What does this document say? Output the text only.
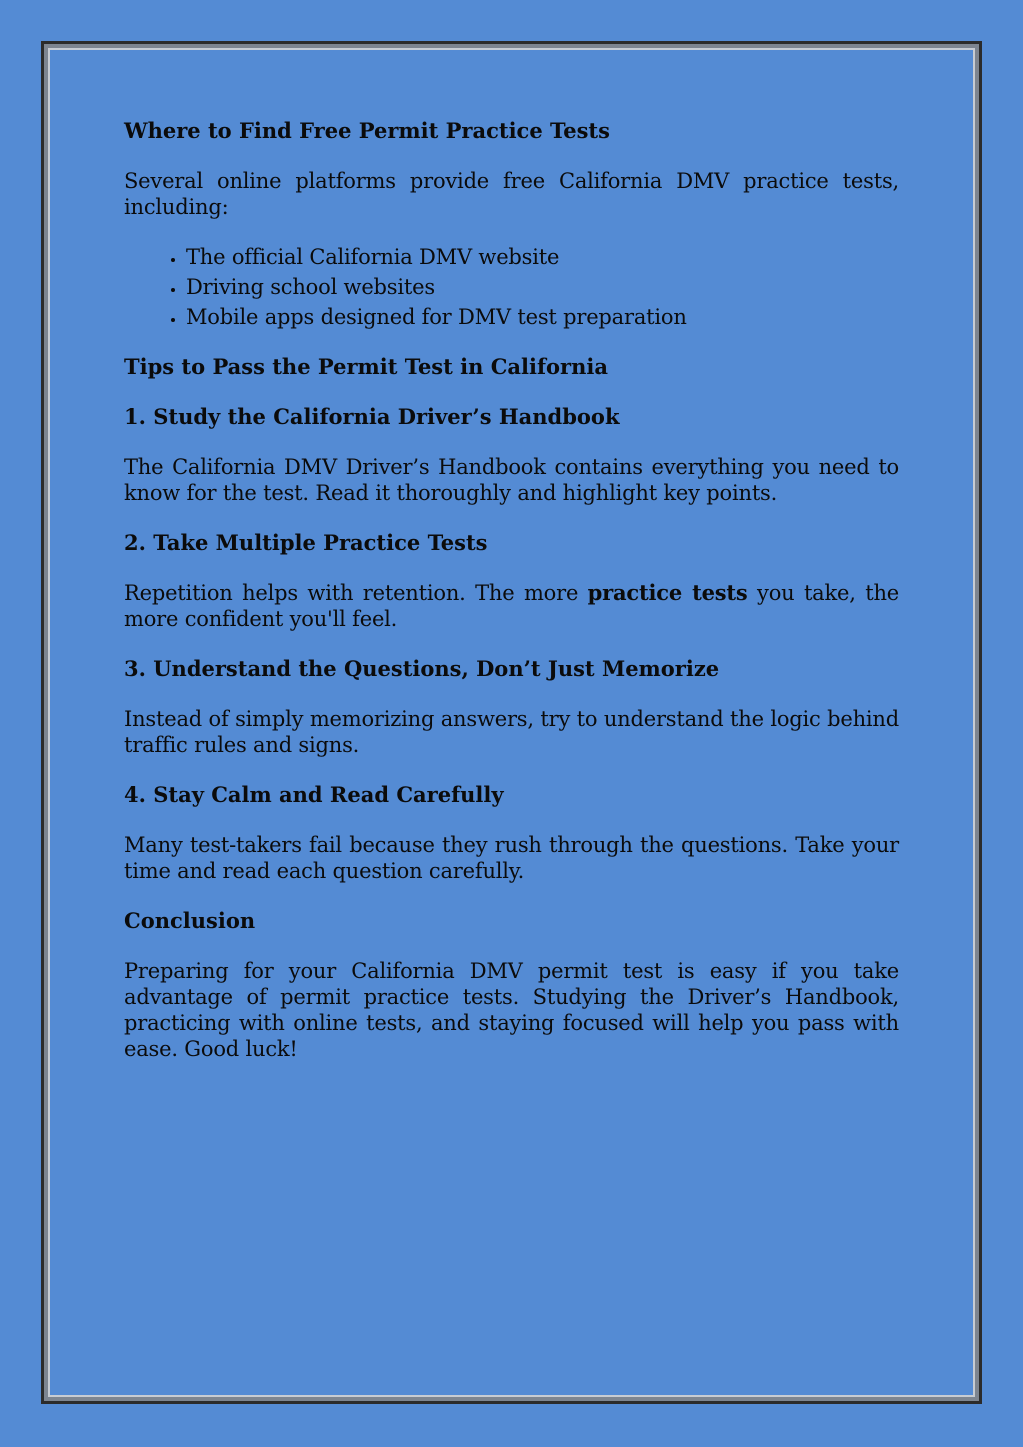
Where to Find Free Permit Practice Tests

Several online platforms provide free California DMV practice tests, including:

• The official California DMV website
• Driving school websites
• Mobile apps designed for DMV test preparation
Tips to Pass the Permit Test in California
1. Study the California Driver’s Handbook

The California DMV Driver’s Handbook contains everything you need to know for the test. Read it thoroughly and highlight key points.

2. Take Multiple Practice Tests

Repetition helps with retention. The more practice tests you take, the more confident you'll feel.

3. Understand the Questions, Don’t Just Memorize

Instead of simply memorizing answers, try to understand the logic behind traffic rules and signs.

4. Stay Calm and Read Carefully

Many test-takers fail because they rush through the questions. Take your time and read each question carefully.

Conclusion

Preparing for your California DMV permit test is easy if you take advantage of permit practice tests. Studying the Driver’s Handbook, practicing with online tests, and staying focused will help you pass with ease. Good luck!
